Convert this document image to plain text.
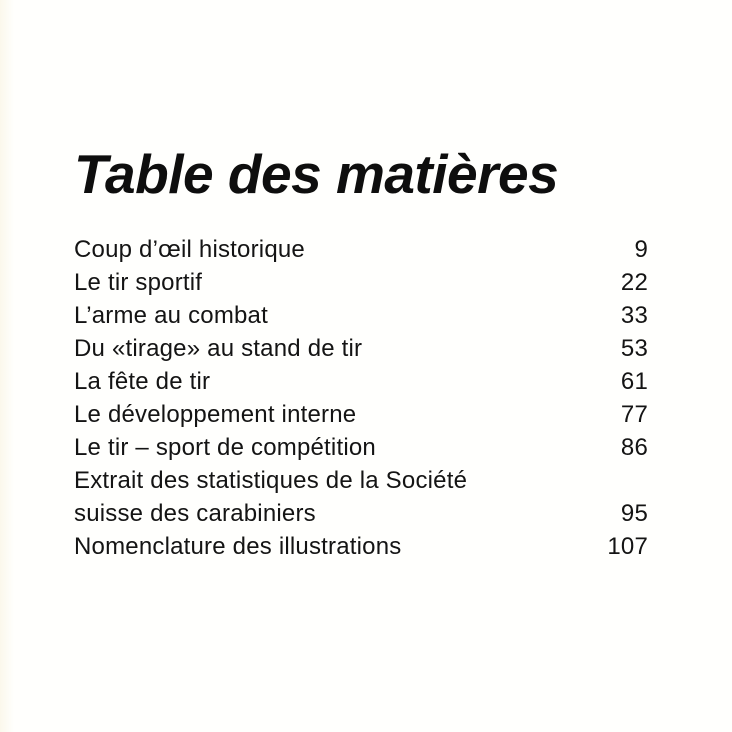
Table des matières
Coup d’œil historique	9
Le tir sportif	22
L’arme au combat	33
Du «tirage» au stand de tir	53
La fête de tir	61
Le développement interne	77
Le tir – sport de compétition	86
Extrait des statistiques de la Société
suisse des carabiniers	95
Nomenclature des illustrations	107
